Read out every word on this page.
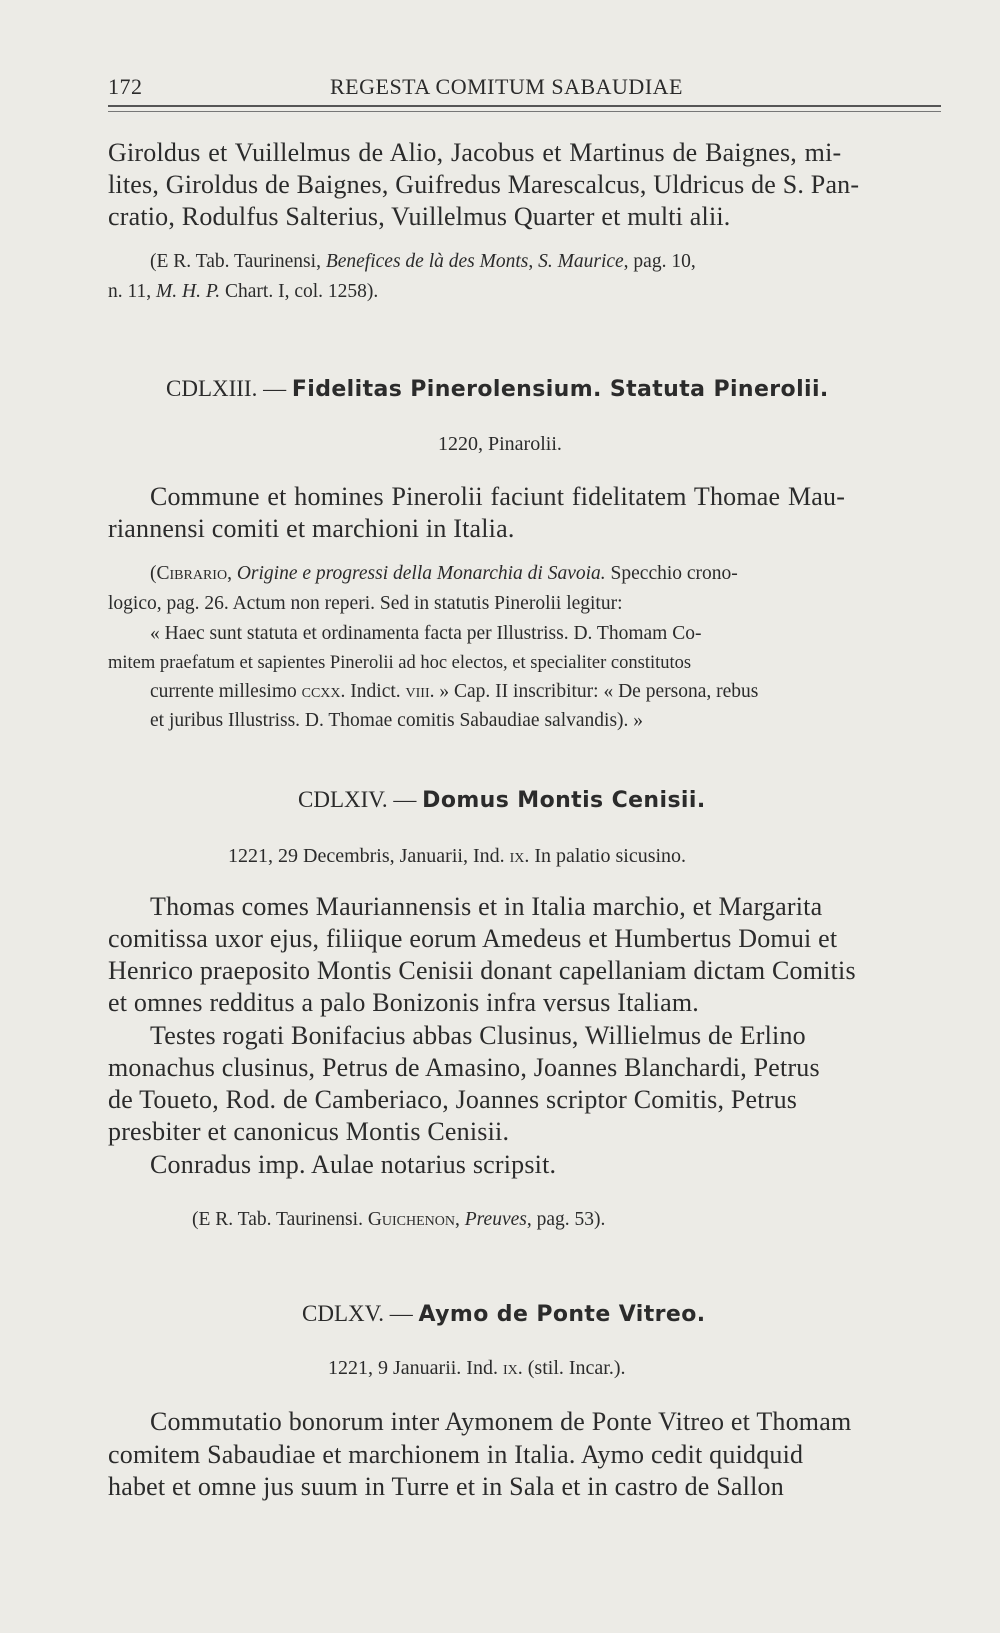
172	REGESTA COMITUM SABAUDIAE
Giroldus et Vuillelmus de Alio, Jacobus et Martinus de Baignes, mi-
lites, Giroldus de Baignes, Guifredus Marescalcus, Uldricus de S. Pan-
cratio, Rodulfus Salterius, Vuillelmus Quarter et multi alii.
(E R. Tab. Taurinensi, Benefices de là des Monts, S. Maurice, pag. 10,
n. 11, M. H. P. Chart. I, col. 1258).
CDLXIII. — Fidelitas Pinerolensium. Statuta Pinerolii.
1220, Pinarolii.
Commune et homines Pinerolii faciunt fidelitatem Thomae Mau-
riannensi comiti et marchioni in Italia.
(Cibrario, Origine e progressi della Monarchia di Savoia. Specchio crono-
logico, pag. 26. Actum non reperi. Sed in statutis Pinerolii legitur:
« Haec sunt statuta et ordinamenta facta per Illustriss. D. Thomam Co-
mitem praefatum et sapientes Pinerolii ad hoc electos, et specialiter constitutos
currente millesimo ccxx. Indict. viii. » Cap. II inscribitur: « De persona, rebus
et juribus Illustriss. D. Thomae comitis Sabaudiae salvandis). »
CDLXIV. — Domus Montis Cenisii.
1221, 29 Decembris, Januarii, Ind. ix. In palatio sicusino.
Thomas comes Mauriannensis et in Italia marchio, et Margarita
comitissa uxor ejus, filiique eorum Amedeus et Humbertus Domui et
Henrico praeposito Montis Cenisii donant capellaniam dictam Comitis
et omnes redditus a palo Bonizonis infra versus Italiam.
Testes rogati Bonifacius abbas Clusinus, Willielmus de Erlino
monachus clusinus, Petrus de Amasino, Joannes Blanchardi, Petrus
de Toueto, Rod. de Camberiaco, Joannes scriptor Comitis, Petrus
presbiter et canonicus Montis Cenisii.
Conradus imp. Aulae notarius scripsit.
(E R. Tab. Taurinensi. Guichenon, Preuves, pag. 53).
CDLXV. — Aymo de Ponte Vitreo.
1221, 9 Januarii. Ind. ix. (stil. Incar.).
Commutatio bonorum inter Aymonem de Ponte Vitreo et Thomam
comitem Sabaudiae et marchionem in Italia. Aymo cedit quidquid
habet et omne jus suum in Turre et in Sala et in castro de Sallon
